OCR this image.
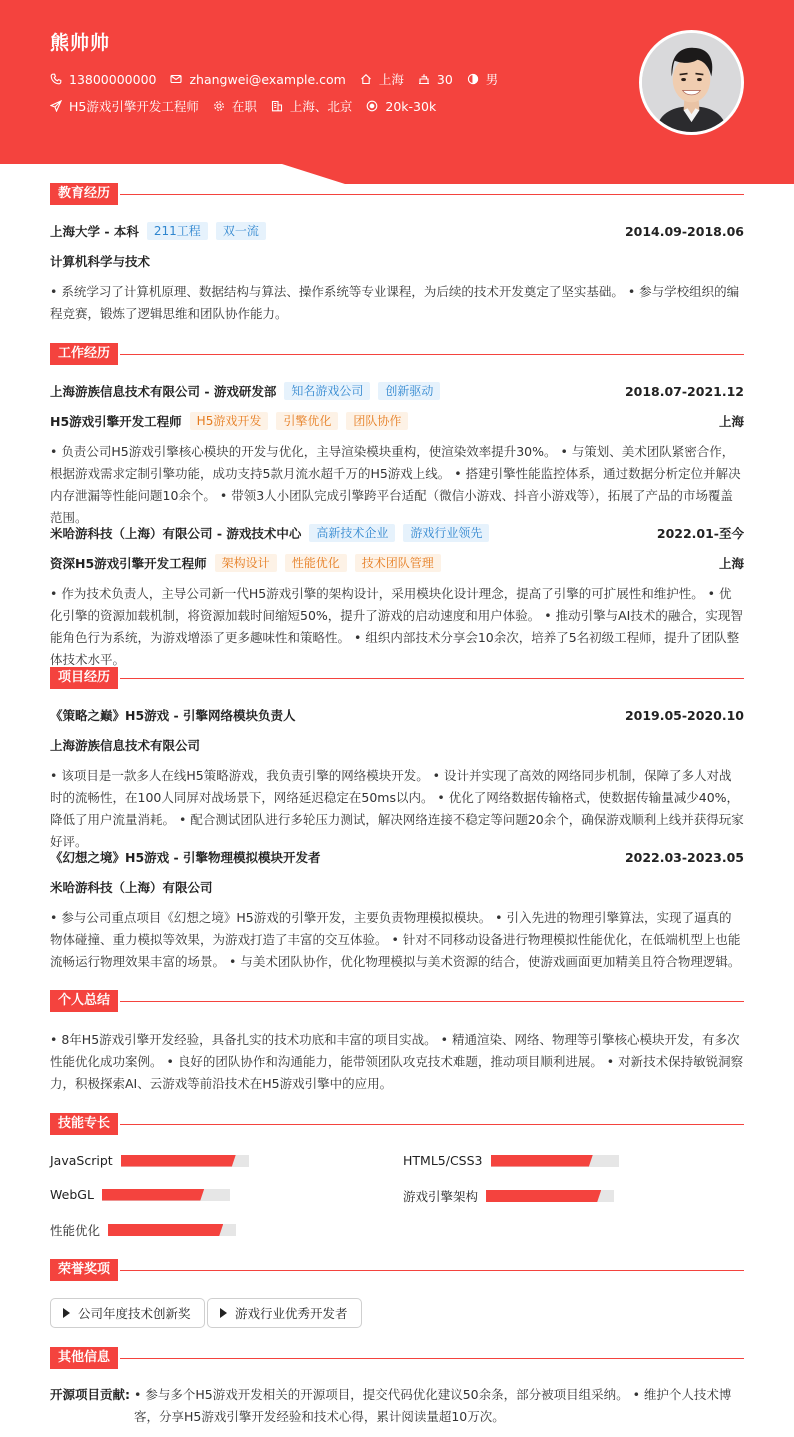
熊帅帅
13800000000	zhangwei@example.com	上海	30	男
H5游戏引擎开发工程师	在职	上海、北京	20k-30k
教育经历
上海大学 - 本科	211工程	双一流	2014.09-2018.06
计算机科学与技术
• 系统学习了计算机原理、数据结构与算法、操作系统等专业课程，为后续的技术开发奠定了坚实基础。 • 参与学校组织的编程竞赛，锻炼了逻辑思维和团队协作能力。
工作经历
上海游族信息技术有限公司 - 游戏研发部	知名游戏公司	创新驱动	2018.07-2021.12
H5游戏引擎开发工程师	H5游戏开发	引擎优化	团队协作	上海
• 负责公司H5游戏引擎核心模块的开发与优化，主导渲染模块重构，使渲染效率提升30%。 • 与策划、美术团队紧密合作，根据游戏需求定制引擎功能，成功支持5款月流水超千万的H5游戏上线。 • 搭建引擎性能监控体系，通过数据分析定位并解决内存泄漏等性能问题10余个。 • 带领3人小团队完成引擎跨平台适配（微信小游戏、抖音小游戏等），拓展了产品的市场覆盖范围。
米哈游科技（上海）有限公司 - 游戏技术中心	高新技术企业	游戏行业领先	2022.01-至今
资深H5游戏引擎开发工程师	架构设计	性能优化	技术团队管理	上海
• 作为技术负责人，主导公司新一代H5游戏引擎的架构设计，采用模块化设计理念，提高了引擎的可扩展性和维护性。 • 优化引擎的资源加载机制，将资源加载时间缩短50%，提升了游戏的启动速度和用户体验。 • 推动引擎与AI技术的融合，实现智能角色行为系统，为游戏增添了更多趣味性和策略性。 • 组织内部技术分享会10余次，培养了5名初级工程师，提升了团队整体技术水平。
项目经历
《策略之巅》H5游戏 - 引擎网络模块负责人	2019.05-2020.10
上海游族信息技术有限公司
• 该项目是一款多人在线H5策略游戏，我负责引擎的网络模块开发。 • 设计并实现了高效的网络同步机制，保障了多人对战时的流畅性，在100人同屏对战场景下，网络延迟稳定在50ms以内。 • 优化了网络数据传输格式，使数据传输量减少40%，降低了用户流量消耗。 • 配合测试团队进行多轮压力测试，解决网络连接不稳定等问题20余个，确保游戏顺利上线并获得玩家好评。
《幻想之境》H5游戏 - 引擎物理模拟模块开发者	2022.03-2023.05
米哈游科技（上海）有限公司
• 参与公司重点项目《幻想之境》H5游戏的引擎开发，主要负责物理模拟模块。 • 引入先进的物理引擎算法，实现了逼真的物体碰撞、重力模拟等效果，为游戏打造了丰富的交互体验。 • 针对不同移动设备进行物理模拟性能优化，在低端机型上也能流畅运行物理效果丰富的场景。 • 与美术团队协作，优化物理模拟与美术资源的结合，使游戏画面更加精美且符合物理逻辑。
个人总结
• 8年H5游戏引擎开发经验，具备扎实的技术功底和丰富的项目实战。 • 精通渲染、网络、物理等引擎核心模块开发，有多次性能优化成功案例。 • 良好的团队协作和沟通能力，能带领团队攻克技术难题，推动项目顺利进展。 • 对新技术保持敏锐洞察力，积极探索AI、云游戏等前沿技术在H5游戏引擎中的应用。
技能专长
JavaScript	HTML5/CSS3
WebGL	游戏引擎架构
性能优化
荣誉奖项
公司年度技术创新奖	游戏行业优秀开发者
其他信息
开源项目贡献: • 参与多个H5游戏开发相关的开源项目，提交代码优化建议50余条，部分被项目组采纳。 • 维护个人技术博客，分享H5游戏引擎开发经验和技术心得，累计阅读量超10万次。
